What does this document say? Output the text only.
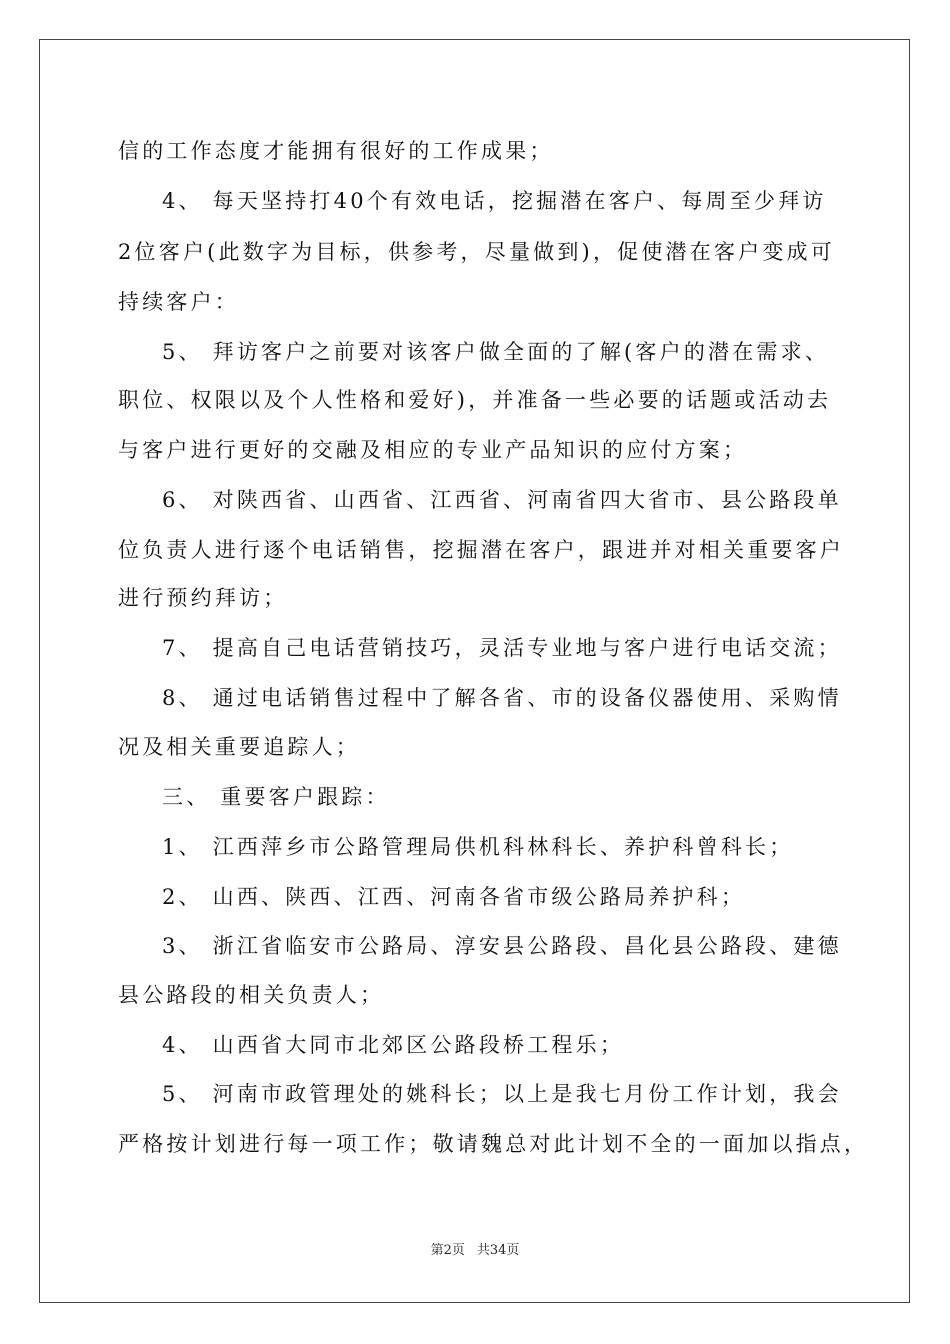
信的工作态度才能拥有很好的工作成果；
4、 每天坚持打40个有效电话，挖掘潜在客户、每周至少拜访
2位客户(此数字为目标，供参考，尽量做到)，促使潜在客户变成可
持续客户：
5、 拜访客户之前要对该客户做全面的了解(客户的潜在需求、
职位、权限以及个人性格和爱好)，并准备一些必要的话题或活动去
与客户进行更好的交融及相应的专业产品知识的应付方案；
6、 对陕西省、山西省、江西省、河南省四大省市、县公路段单
位负责人进行逐个电话销售，挖掘潜在客户，跟进并对相关重要客户
进行预约拜访；
7、 提高自己电话营销技巧，灵活专业地与客户进行电话交流；
8、 通过电话销售过程中了解各省、市的设备仪器使用、采购情
况及相关重要追踪人；
三、 重要客户跟踪：
1、 江西萍乡市公路管理局供机科林科长、养护科曾科长；
2、 山西、陕西、江西、河南各省市级公路局养护科；
3、 浙江省临安市公路局、淳安县公路段、昌化县公路段、建德
县公路段的相关负责人；
4、 山西省大同市北郊区公路段桥工程乐；
5、 河南市政管理处的姚科长；以上是我七月份工作计划，我会
严格按计划进行每一项工作；敬请魏总对此计划不全的一面加以指点，
第2页 共34页
